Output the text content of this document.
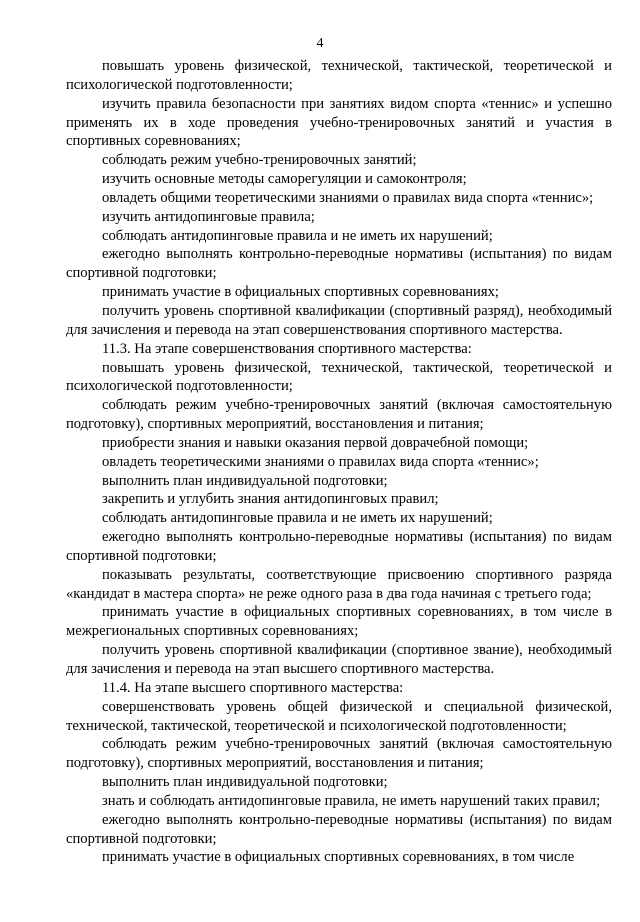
4

повышать уровень физической, технической, тактической, теоретической и психологической подготовленности;

изучить правила безопасности при занятиях видом спорта «теннис» и успешно применять их в ходе проведения учебно-тренировочных занятий и участия в спортивных соревнованиях;

соблюдать режим учебно-тренировочных занятий;

изучить основные методы саморегуляции и самоконтроля;

овладеть общими теоретическими знаниями о правилах вида спорта «теннис»;

изучить антидопинговые правила;

соблюдать антидопинговые правила и не иметь их нарушений;

ежегодно выполнять контрольно-переводные нормативы (испытания) по видам спортивной подготовки;

принимать участие в официальных спортивных соревнованиях;

получить уровень спортивной квалификации (спортивный разряд), необходимый для зачисления и перевода на этап совершенствования спортивного мастерства.

11.3. На этапе совершенствования спортивного мастерства:

повышать уровень физической, технической, тактической, теоретической и психологической подготовленности;

соблюдать режим учебно-тренировочных занятий (включая самостоятельную подготовку), спортивных мероприятий, восстановления и питания;

приобрести знания и навыки оказания первой доврачебной помощи;

овладеть теоретическими знаниями о правилах вида спорта «теннис»;

выполнить план индивидуальной подготовки;

закрепить и углубить знания антидопинговых правил;

соблюдать антидопинговые правила и не иметь их нарушений;

ежегодно выполнять контрольно-переводные нормативы (испытания) по видам спортивной подготовки;

показывать результаты, соответствующие присвоению спортивного разряда «кандидат в мастера спорта» не реже одного раза в два года начиная с третьего года;

принимать участие в официальных спортивных соревнованиях, в том числе в межрегиональных спортивных соревнованиях;

получить уровень спортивной квалификации (спортивное звание), необходимый для зачисления и перевода на этап высшего спортивного мастерства.

11.4. На этапе высшего спортивного мастерства:

совершенствовать уровень общей физической и специальной физической, технической, тактической, теоретической и психологической подготовленности;

соблюдать режим учебно-тренировочных занятий (включая самостоятельную подготовку), спортивных мероприятий, восстановления и питания;

выполнить план индивидуальной подготовки;

знать и соблюдать антидопинговые правила, не иметь нарушений таких правил;

ежегодно выполнять контрольно-переводные нормативы (испытания) по видам спортивной подготовки;

принимать участие в официальных спортивных соревнованиях, в том числе
